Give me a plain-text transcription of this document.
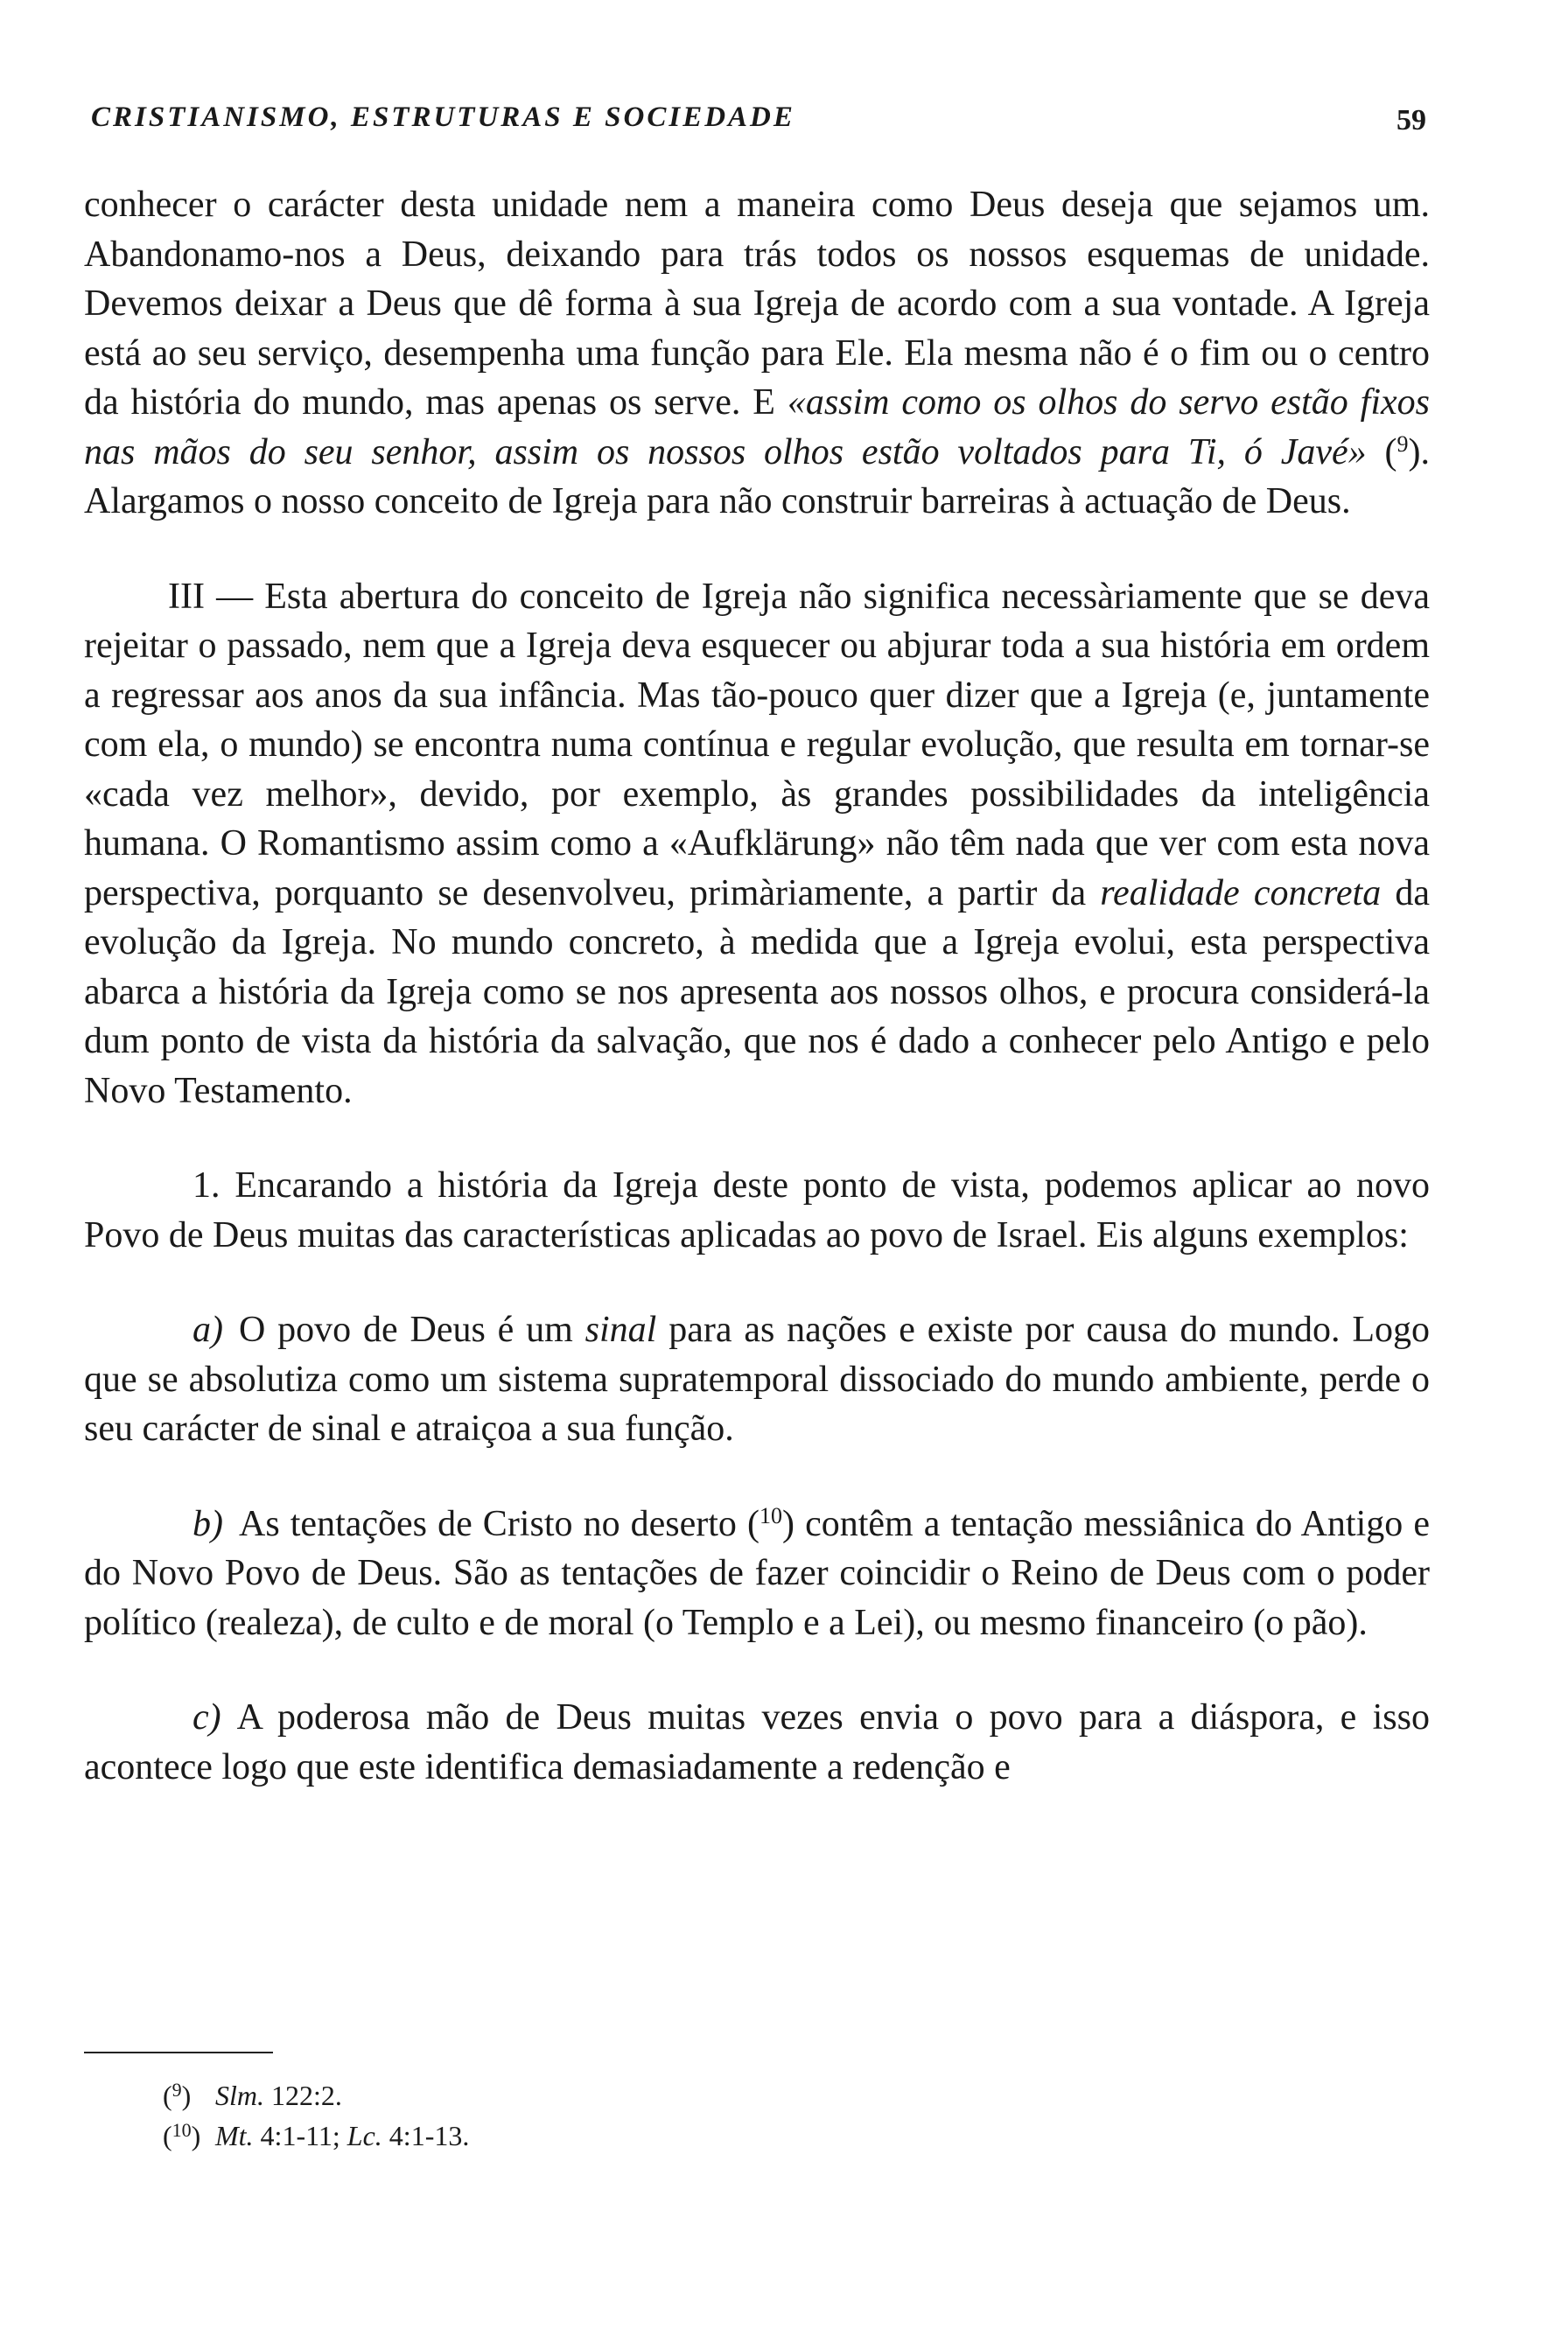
CRISTIANISMO, ESTRUTURAS E SOCIEDADE	59

conhecer o carácter desta unidade nem a maneira como Deus deseja que sejamos um. Abandonamo-nos a Deus, deixando para trás todos os nossos esquemas de unidade. Devemos deixar a Deus que dê forma à sua Igreja de acordo com a sua vontade. A Igreja está ao seu serviço, desempenha uma função para Ele. Ela mesma não é o fim ou o centro da história do mundo, mas apenas os serve. E «assim como os olhos do servo estão fixos nas mãos do seu senhor, assim os nossos olhos estão voltados para Ti, ó Javé» ($^9$). Alargamos o nosso conceito de Igreja para não construir barreiras à actuação de Deus.

III — Esta abertura do conceito de Igreja não significa necessàriamente que se deva rejeitar o passado, nem que a Igreja deva esquecer ou abjurar toda a sua história em ordem a regressar aos anos da sua infância. Mas tão-pouco quer dizer que a Igreja (e, juntamente com ela, o mundo) se encontra numa contínua e regular evolução, que resulta em tornar-se «cada vez melhor», devido, por exemplo, às grandes possibilidades da inteligência humana. O Romantismo assim como a «Aufklärung» não têm nada que ver com esta nova perspectiva, porquanto se desenvolveu, primàriamente, a partir da realidade concreta da evolução da Igreja. No mundo concreto, à medida que a Igreja evolui, esta perspectiva abarca a história da Igreja como se nos apresenta aos nossos olhos, e procura considerá-la dum ponto de vista da história da salvação, que nos é dado a conhecer pelo Antigo e pelo Novo Testamento.

1. Encarando a história da Igreja deste ponto de vista, podemos aplicar ao novo Povo de Deus muitas das características aplicadas ao povo de Israel. Eis alguns exemplos:

a) O povo de Deus é um sinal para as nações e existe por causa do mundo. Logo que se absolutiza como um sistema supratemporal dissociado do mundo ambiente, perde o seu carácter de sinal e atraiçoa a sua função.

b) As tentações de Cristo no deserto ($^{10}$) contêm a tentação messiânica do Antigo e do Novo Povo de Deus. São as tentações de fazer coincidir o Reino de Deus com o poder político (realeza), de culto e de moral (o Templo e a Lei), ou mesmo financeiro (o pão).

c) A poderosa mão de Deus muitas vezes envia o povo para a diáspora, e isso acontece logo que este identifica demasiadamente a redenção e

($^9$) Slm. 122:2.
($^{10}$) Mt. 4:1-11; Lc. 4:1-13.
